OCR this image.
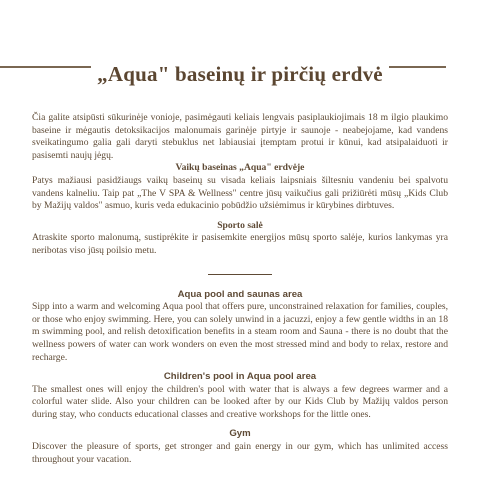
„Aqua" baseinų ir pirčių erdvė

Čia galite atsipūsti sūkurinėje vonioje, pasimėgauti keliais lengvais pasiplaukiojimais 18 m ilgio plaukimo baseine ir mėgautis detoksikacijos malonumais garinėje pirtyje ir saunoje - neabejojame, kad vandens sveikatingumo galia gali daryti stebuklus net labiausiai įtemptam protui ir kūnui, kad atsipalaiduoti ir pasisemti naujų jėgų.

Vaikų baseinas „Aqua" erdvėje

Patys mažiausi pasidžiaugs vaikų baseinų su visada keliais laipsniais šiltesniu vandeniu bei spalvotu vandens kalneliu. Taip pat „The V SPA & Wellness" centre jūsų vaikučius gali prižiūrėti mūsų „Kids Club by Mažijų valdos" asmuo, kuris veda edukacinio pobūdžio užsiėmimus ir kūrybines dirbtuves.

Sporto salė

Atraskite sporto malonumą, sustiprėkite ir pasisemkite energijos mūsų sporto salėje, kurios lankymas yra neribotas viso jūsų poilsio metu.

Aqua pool and saunas area

Sipp into a warm and welcoming Aqua pool that offers pure, unconstrained relaxation for families, couples, or those who enjoy swimming. Here, you can solely unwind in a jacuzzi, enjoy a few gentle widths in an 18 m swimming pool, and relish detoxification benefits in a steam room and Sauna - there is no doubt that the wellness powers of water can work wonders on even the most stressed mind and body to relax, restore and recharge.

Children's pool in Aqua pool area

The smallest ones will enjoy the children's pool with water that is always a few degrees warmer and a colorful water slide. Also your children can be looked after by our Kids Club by Mažijų valdos person during stay, who conducts educational classes and creative workshops for the little ones.

Gym

Discover the pleasure of sports, get stronger and gain energy in our gym, which has unlimited access throughout your vacation.
